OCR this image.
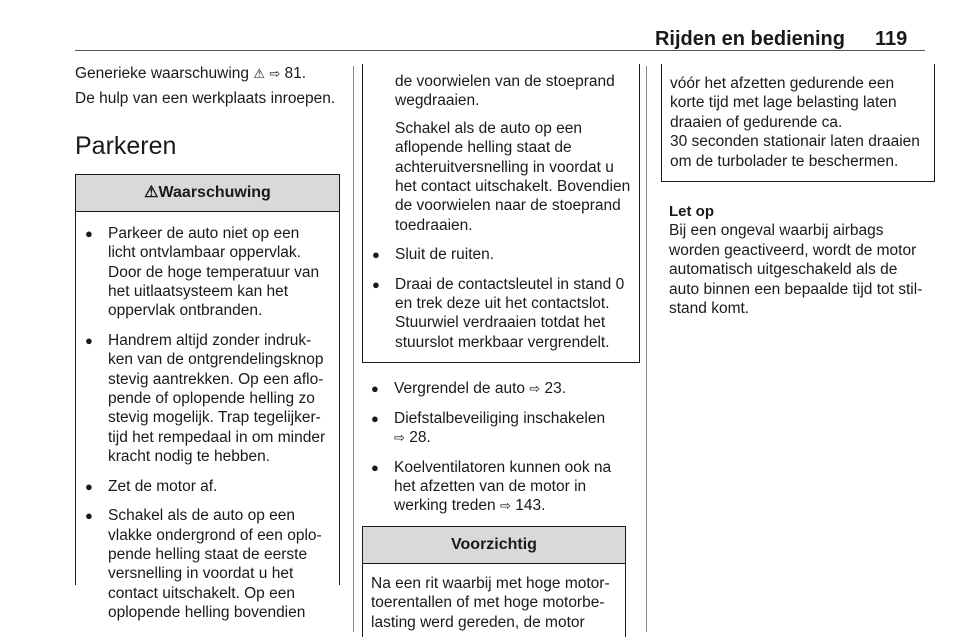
Rijden en bediening 119

Generieke waarschuwing ⚠ ⇨ 81.

De hulp van een werkplaats inroepen.

Parkeren

⚠Waarschuwing
● Parkeer de auto niet op een licht ontvlambaar oppervlak. Door de hoge temperatuur van het uitlaatsysteem kan het oppervlak ontbranden.
● Handrem altijd zonder indrukken van de ontgrendelingsknop stevig aantrekken. Op een aflopende of oplopende helling zo stevig mogelijk. Trap tegelijkertijd het rempedaal in om minder kracht nodig te hebben.
● Zet de motor af.
● Schakel als de auto op een vlakke ondergrond of een oplopende helling staat de eerste versnelling in voordat u het contact uitschakelt. Op een oplopende helling bovendien

de voorwielen van de stoeprand wegdraaien.

Schakel als de auto op een aflopende helling staat de achteruitversnelling in voordat u het contact uitschakelt. Bovendien de voorwielen naar de stoeprand toedraaien.

● Sluit de ruiten.
● Draai de contactsleutel in stand 0 en trek deze uit het contactslot. Stuurwiel verdraaien totdat het stuurslot merkbaar vergrendelt.
● Vergrendel de auto ⇨ 23.
● Diefstalbeveiliging inschakelen
⇨ 28.
● Koelventilatoren kunnen ook na het afzetten van de motor in werking treden ⇨ 143.
Voorzichtig

Na een rit waarbij met hoge motortoerentallen of met hoge motorbelasting werd gereden, de motor

vóór het afzetten gedurende een korte tijd met lage belasting laten draaien of gedurende ca.

30 seconden stationair laten draaien om de turbolader te beschermen.

Let op

Bij een ongeval waarbij airbags worden geactiveerd, wordt de motor automatisch uitgeschakeld als de auto binnen een bepaalde tijd tot stilstand komt.
